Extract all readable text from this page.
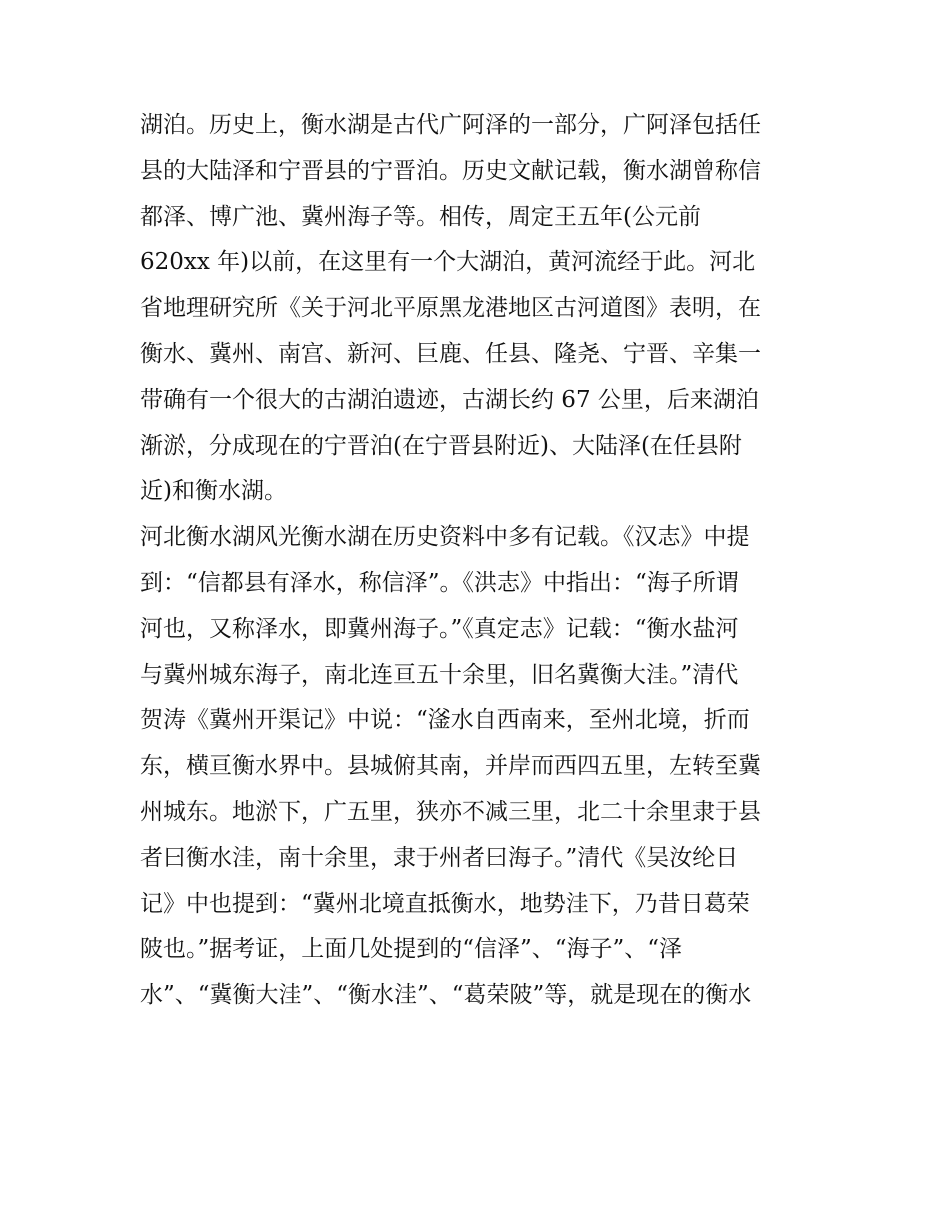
湖泊。历史上，衡水湖是古代广阿泽的一部分，广阿泽包括任
县的大陆泽和宁晋县的宁晋泊。历史文献记载，衡水湖曾称信
都泽、博广池、冀州海子等。相传，周定王五年(公元前
620xx 年)以前，在这里有一个大湖泊，黄河流经于此。河北
省地理研究所《关于河北平原黑龙港地区古河道图》表明，在
衡水、冀州、南宫、新河、巨鹿、任县、隆尧、宁晋、辛集一
带确有一个很大的古湖泊遗迹，古湖长约 67 公里，后来湖泊
渐淤，分成现在的宁晋泊(在宁晋县附近)、大陆泽(在任县附
近)和衡水湖。
河北衡水湖风光衡水湖在历史资料中多有记载。《汉志》中提
到：“信都县有泽水，称信泽”。《洪志》中指出：“海子所谓
河也，又称泽水，即冀州海子。”《真定志》记载：“衡水盐河
与冀州城东海子，南北连亘五十余里，旧名冀衡大洼。”清代
贺涛《冀州开渠记》中说：“滏水自西南来，至州北境，折而
东，横亘衡水界中。县城俯其南，并岸而西四五里，左转至冀
州城东。地淤下，广五里，狭亦不减三里，北二十余里隶于县
者曰衡水洼，南十余里，隶于州者曰海子。”清代《吴汝纶日
记》中也提到：“冀州北境直抵衡水，地势洼下，乃昔日葛荣
陂也。”据考证，上面几处提到的“信泽”、“海子”、“泽
水”、“冀衡大洼”、“衡水洼”、“葛荣陂”等，就是现在的衡水
